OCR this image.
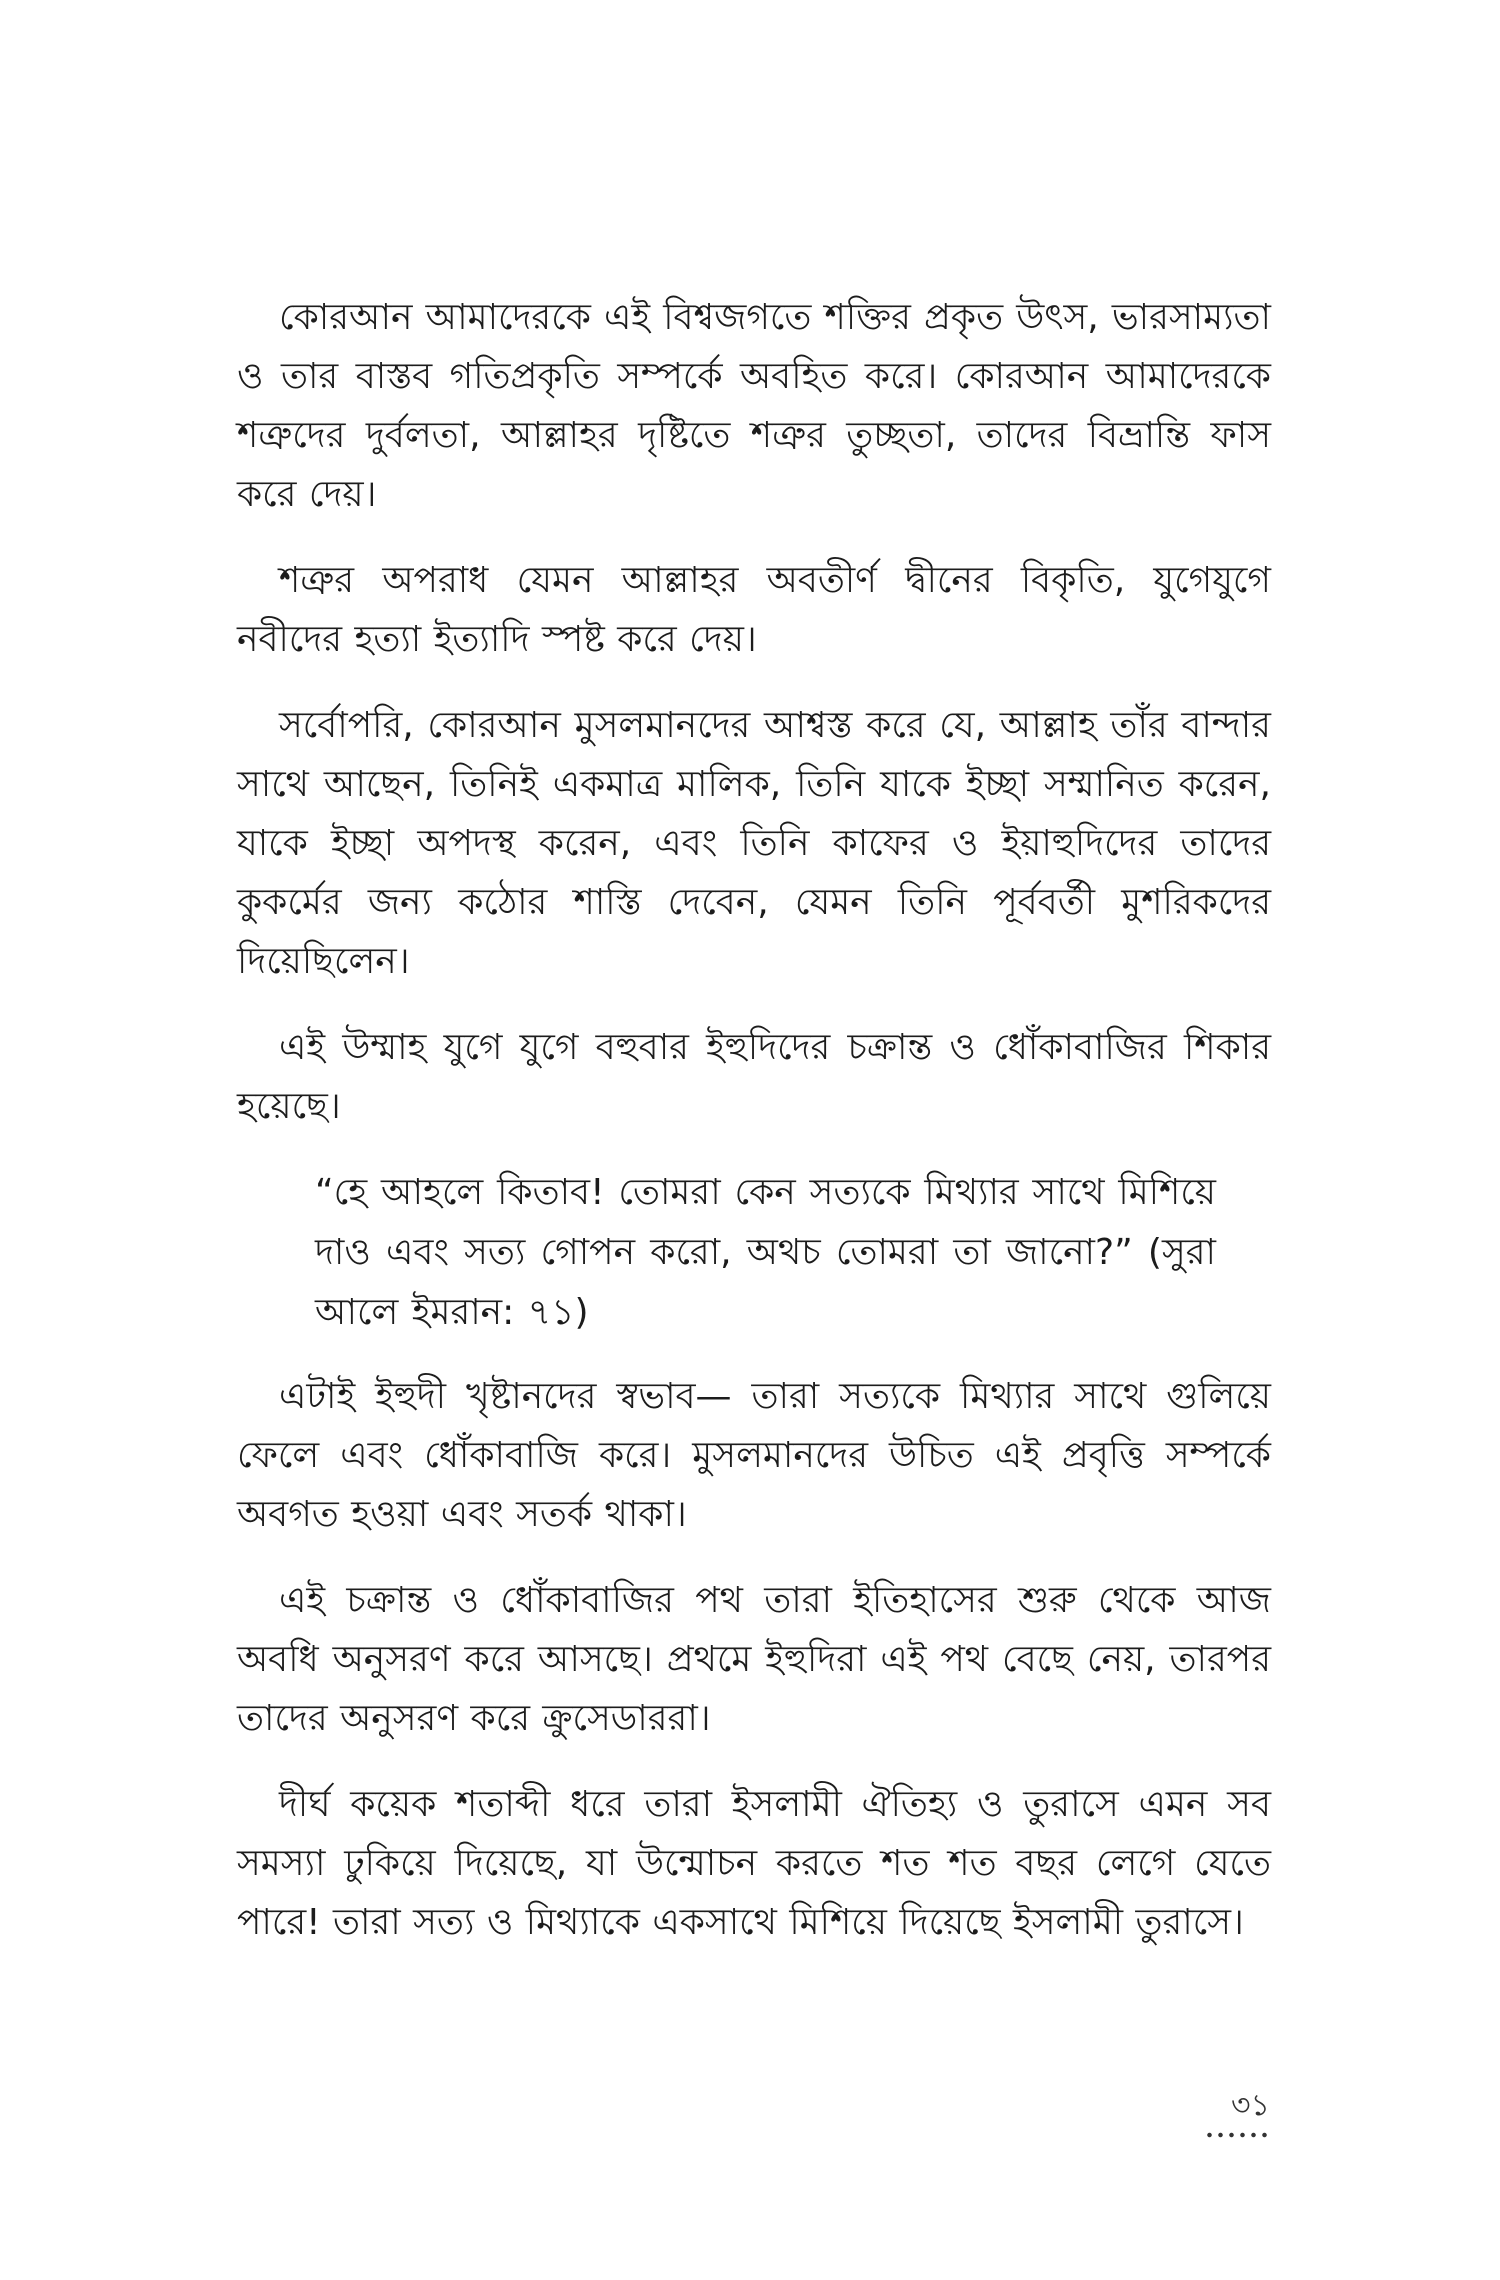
কোরআন আমাদেরকে এই বিশ্বজগতে শক্তির প্রকৃত উৎস, ভারসাম্যতা ও তার বাস্তব গতিপ্রকৃতি সম্পর্কে অবহিত করে। কোরআন আমাদেরকে শত্রুদের দুর্বলতা, আল্লাহর দৃষ্টিতে শত্রুর তুচ্ছতা, তাদের বিভ্রান্তি ফাস করে দেয়।

শত্রুর অপরাধ যেমন আল্লাহর অবতীর্ণ দ্বীনের বিকৃতি, যুগেযুগে নবীদের হত্যা ইত্যাদি স্পষ্ট করে দেয়।

সর্বোপরি, কোরআন মুসলমানদের আশ্বস্ত করে যে, আল্লাহ তাঁর বান্দার সাথে আছেন, তিনিই একমাত্র মালিক, তিনি যাকে ইচ্ছা সম্মানিত করেন, যাকে ইচ্ছা অপদস্থ করেন, এবং তিনি কাফের ও ইয়াহুদিদের তাদের কুকর্মের জন্য কঠোর শাস্তি দেবেন, যেমন তিনি পূর্ববর্তী মুশরিকদের দিয়েছিলেন।

এই উম্মাহ যুগে যুগে বহুবার ইহুদিদের চক্রান্ত ও ধোঁকাবাজির শিকার হয়েছে।

“হে আহলে কিতাব! তোমরা কেন সত্যকে মিথ্যার সাথে মিশিয়ে দাও এবং সত্য গোপন করো, অথচ তোমরা তা জানো?” (সুরা আলে ইমরান: ৭১)

এটাই ইহুদী খৃষ্টানদের স্বভাব— তারা সত্যকে মিথ্যার সাথে গুলিয়ে ফেলে এবং ধোঁকাবাজি করে। মুসলমানদের উচিত এই প্রবৃত্তি সম্পর্কে অবগত হওয়া এবং সতর্ক থাকা।

এই চক্রান্ত ও ধোঁকাবাজির পথ তারা ইতিহাসের শুরু থেকে আজ অবধি অনুসরণ করে আসছে। প্রথমে ইহুদিরা এই পথ বেছে নেয়, তারপর তাদের অনুসরণ করে ক্রুসেডাররা।

দীর্ঘ কয়েক শতাব্দী ধরে তারা ইসলামী ঐতিহ্য ও তুরাসে এমন সব সমস্যা ঢুকিয়ে দিয়েছে, যা উন্মোচন করতে শত শত বছর লেগে যেতে পারে! তারা সত্য ও মিথ্যাকে একসাথে মিশিয়ে দিয়েছে ইসলামী তুরাসে।

৩১
